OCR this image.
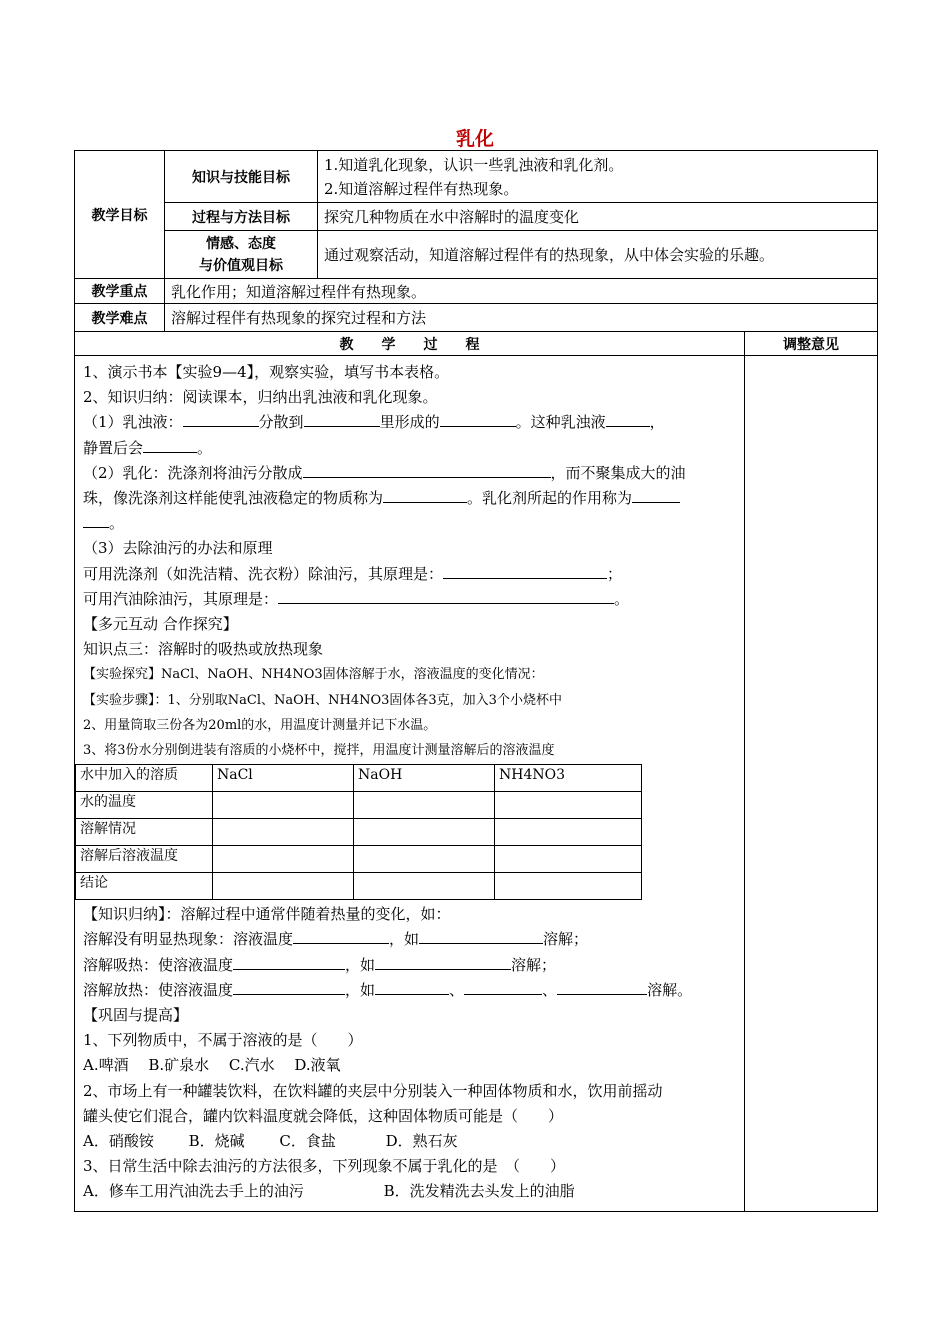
乳化
教学目标	知识与技能目标	
1.知道乳化现象，认识一些乳浊液和乳化剂。
2.知道溶解过程伴有热现象。

过程与方法目标	探究几种物质在水中溶解时的温度变化

情感、态度
与价值观目标
	通过观察活动，知道溶解过程伴有的热现象，从中体会实验的乐趣。
教学重点	乳化作用；知道溶解过程伴有热现象。
教学难点	溶解过程伴有热现象的探究过程和方法
教　　学　　过　　程	调整意见

1、演示书本【实验9—4】，观察实验，填写书本表格。

2、知识归纳：阅读课本，归纳出乳浊液和乳化现象。

（1）乳浊液：	分散到	里形成的	。这种乳浊液	，

静置后会	。

（2）乳化：洗涤剂将油污分散成	，而不聚集成大的油

珠，像洗涤剂这样能使乳浊液稳定的物质称为	。乳化剂所起的作用称为

。

（3）去除油污的办法和原理

可用洗涤剂（如洗洁精、洗衣粉）除油污，其原理是：	；

可用汽油除油污，其原理是：	。

【多元互动 合作探究】

知识点三：溶解时的吸热或放热现象

【实验探究】NaCl、NaOH、NH4NO3固体溶解于水，溶液温度的变化情况：

【实验步骤】：1、分别取NaCl、NaOH、NH4NO3固体各3克，加入3个小烧杯中

2、用量筒取三份各为20ml的水，用温度计测量并记下水温。

3、将3份水分别倒进装有溶质的小烧杯中，搅拌，用温度计测量溶解后的溶液温度

水中加入的溶质	NaCl	NaOH	NH4NO3
水的温度			
溶解情况			
溶解后溶液温度			
结论			

【知识归纳】：溶解过程中通常伴随着热量的变化，如：

溶解没有明显热现象：溶液温度	，如	溶解；

溶解吸热：使溶液温度	，如	溶解；

溶解放热：使溶液温度	，如	、	、	溶解。

【巩固与提高】

1、下列物质中，不属于溶液的是（　　）

A.啤酒　 B.矿泉水　 C.汽水　 D.液氧

2、市场上有一种罐装饮料，在饮料罐的夹层中分别装入一种固体物质和水，饮用前摇动

罐头使它们混合，罐内饮料温度就会降低，这种固体物质可能是（　　）

A．硝酸铵　　 B．烧碱　　 C．食盐　　　 D．熟石灰

3、日常生活中除去油污的方法很多，下列现象不属于乳化的是　（　　）

A．修车工用汽油洗去手上的油污　　　　　 B．洗发精洗去头发上的油脂
